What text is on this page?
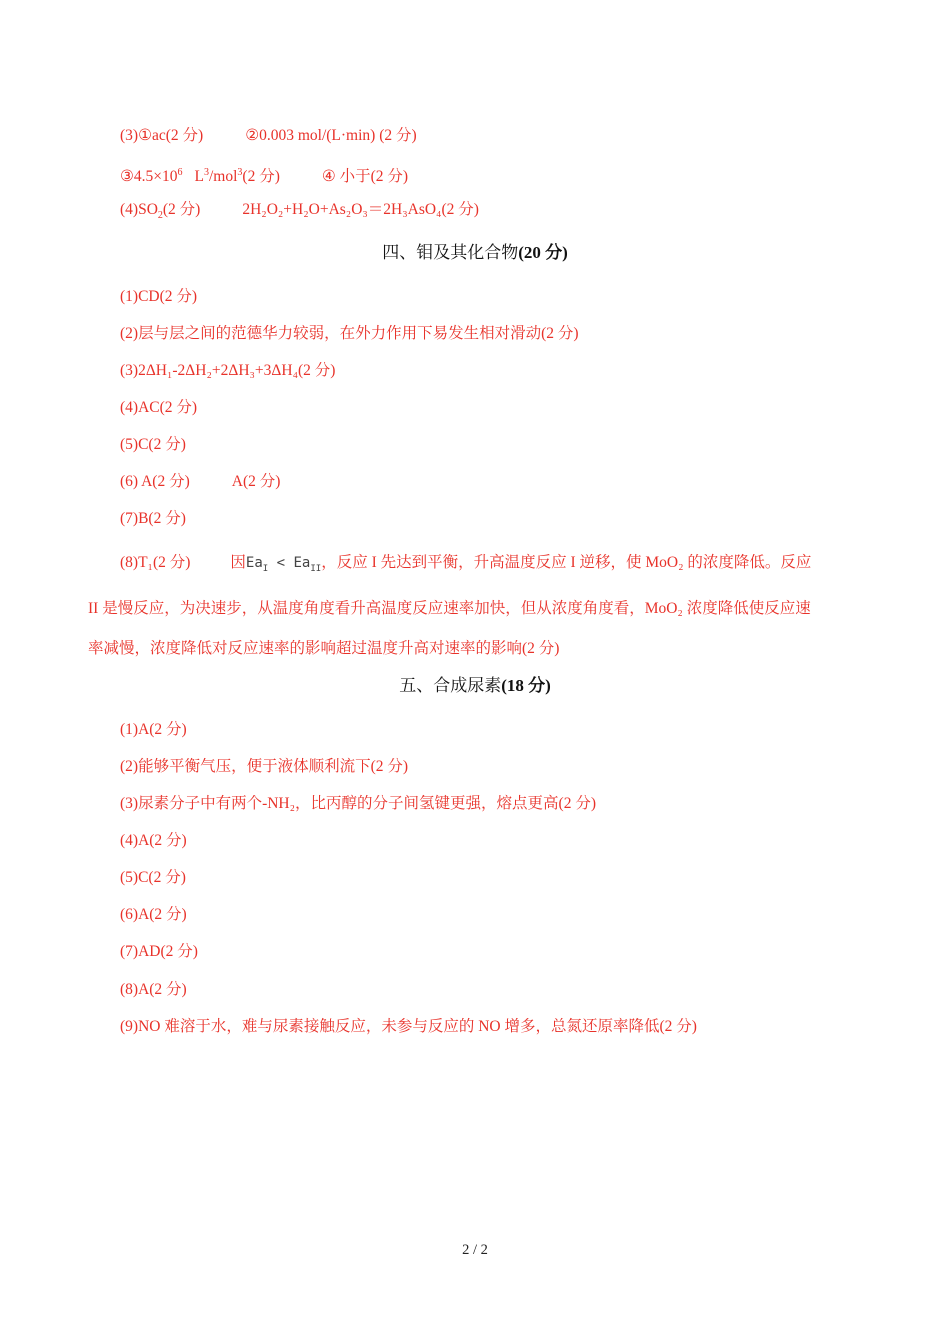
(3)①ac(2 分)	②0.003 mol/(L·min) (2 分)
$③4.5\times 10^6$ $L^3/mol^3(2$ 分)	④ 小于(2 分)
$(4)SO_2(2$ 分)	2H₂O₂+H₂O+As₂O₃＝2H₃AsO₄(2 分)
四、钼及其化合物(20 分)
(1)CD(2 分)
(2)层与层之间的范德华力较弱，在外力作用下易发生相对滑动(2 分)
(3)2ΔH₁-2ΔH₂+2ΔH₃+3ΔH₄(2 分)
(4)AC(2 分)
(5)C(2 分)
(6) A(2 分)	A(2 分)
(7)B(2 分)
(8)T₁(2 分)	因$Ea_I < Ea_{II}$，反应 I 先达到平衡，升高温度反应 I 逆移，使 MoO₂ 的浓度降低。反应
II 是慢反应，为决速步，从温度角度看升高温度反应速率加快，但从浓度角度看，MoO₂ 浓度降低使反应速
率减慢，浓度降低对反应速率的影响超过温度升高对速率的影响(2 分)
五、合成尿素(18 分)
(1)A(2 分)
(2)能够平衡气压，便于液体顺利流下(2 分)
(3)尿素分子中有两个-NH₂，比丙醇的分子间氢键更强，熔点更高(2 分)
(4)A(2 分)
(5)C(2 分)
(6)A(2 分)
(7)AD(2 分)
(8)A(2 分)
(9)NO 难溶于水，难与尿素接触反应，未参与反应的 NO 增多，总氮还原率降低(2 分)
2 / 2
